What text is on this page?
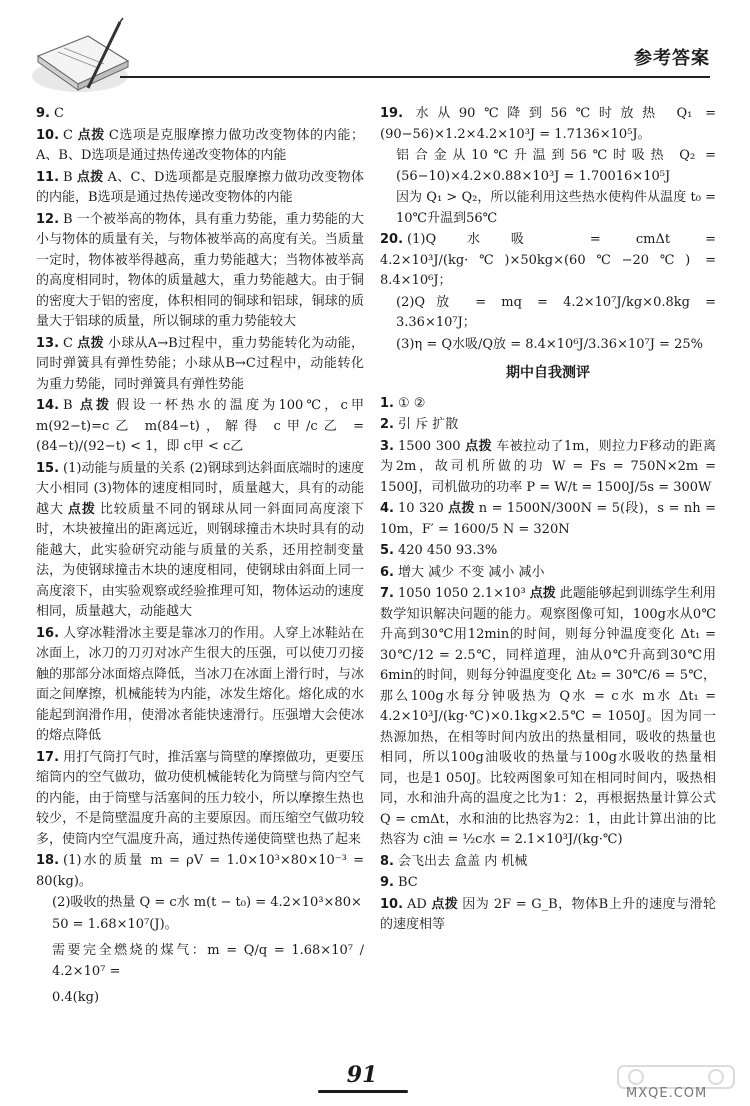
参考答案
9. C
10. C 点拨 C选项是克服摩擦力做功改变物体的内能；A、B、D选项是通过热传递改变物体的内能
11. B 点拨 A、C、D选项都是克服摩擦力做功改变物体的内能，B选项是通过热传递改变物体的内能
12. B 一个被举高的物体，具有重力势能，重力势能的大小与物体的质量有关，与物体被举高的高度有关。当质量一定时，物体被举得越高，重力势能越大；当物体被举高的高度相同时，物体的质量越大，重力势能越大。由于铜的密度大于铝的密度，体积相同的铜球和铝球，铜球的质量大于铝球的质量，所以铜球的重力势能较大
13. C 点拨 小球从A→B过程中，重力势能转化为动能，同时弹簧具有弹性势能；小球从B→C过程中，动能转化为重力势能，同时弹簧具有弹性势能
14. B 点拨 假设一杯热水的温度为100℃，c甲 m(92−t)=c乙 m(84−t)，解得 c甲/c乙 = (84−t)/(92−t) < 1，即 c甲 < c乙
15. (1)动能与质量的关系 (2)钢球到达斜面底端时的速度大小相同 (3)物体的速度相同时，质量越大，具有的动能越大 点拨 比较质量不同的钢球从同一斜面同高度滚下时，木块被撞出的距离远近，则钢球撞击木块时具有的动能越大，此实验研究动能与质量的关系，还用控制变量法，为使钢球撞击木块的速度相同，使钢球由斜面上同一高度滚下，由实验观察或经验推理可知，物体运动的速度相同，质量越大，动能越大
16. 人穿冰鞋滑冰主要是靠冰刀的作用。人穿上冰鞋站在冰面上，冰刀的刀刃对冰产生很大的压强，可以使刀刃接触的那部分冰面熔点降低，当冰刀在冰面上滑行时，与冰面之间摩擦，机械能转为内能，冰发生熔化。熔化成的水能起到润滑作用，使滑冰者能快速滑行。压强增大会使冰的熔点降低
17. 用打气筒打气时，推活塞与筒壁的摩擦做功，更要压缩筒内的空气做功，做功使机械能转化为筒壁与筒内空气的内能，由于筒壁与活塞间的压力较小，所以摩擦生热也较少，不是筒壁温度升高的主要原因。而压缩空气做功较多，使筒内空气温度升高，通过热传递使筒壁也热了起来
18. (1)水的质量 m = ρV = 1.0×10³×80×10⁻³ = 80(kg)。
(2)吸收的热量 Q = c水 m(t − t₀) = 4.2×10³×80×
50 = 1.68×10⁷(J)。
需要完全燃烧的煤气：m = Q/q = 1.68×10⁷ / 4.2×10⁷ =
0.4(kg)
19. 水从90℃降到56℃时放热 Q₁ = (90−56)×1.2×4.2×10³J = 1.7136×10⁵J。
铝合金从10℃升温到56℃时吸热 Q₂ = (56−10)×4.2×0.88×10³J = 1.70016×10⁵J
因为 Q₁ > Q₂，所以能利用这些热水使构件从温度 t₀ = 10℃升温到56℃
20. (1)Q水吸 = cmΔt = 4.2×10³J/(kg·℃)×50kg×(60℃−20℃) = 8.4×10⁶J；
(2)Q放 = mq = 4.2×10⁷J/kg×0.8kg = 3.36×10⁷J；
(3)η = Q水吸/Q放 = 8.4×10⁶J/3.36×10⁷J = 25%
期中自我测评
1. ① ②
2. 引 斥 扩散
3. 1500 300 点拨 车被拉动了1m，则拉力F移动的距离为2m，故司机所做的功 W = Fs = 750N×2m = 1500J，司机做功的功率 P = W/t = 1500J/5s = 300W
4. 10 320 点拨 n = 1500N/300N = 5(段)，s = nh = 10m，F′ = 1600/5 N = 320N
5. 420 450 93.3%
6. 增大 减少 不变 减小 减小
7. 1050 1050 2.1×10³ 点拨 此题能够起到训练学生利用数学知识解决问题的能力。观察图像可知，100g水从0℃升高到30℃用12min的时间，则每分钟温度变化 Δt₁ = 30℃/12 = 2.5℃，同样道理，油从0℃升高到30℃用6min的时间，则每分钟温度变化 Δt₂ = 30℃/6 = 5℃，那么100g水每分钟吸热为 Q水 = c水 m水 Δt₁ = 4.2×10³J/(kg·℃)×0.1kg×2.5℃ = 1050J。因为同一热源加热，在相等时间内放出的热量相同，吸收的热量也相同，所以100g油吸收的热量与100g水吸收的热量相同，也是1 050J。比较两图象可知在相同时间内，吸热相同，水和油升高的温度之比为1：2，再根据热量计算公式 Q = cmΔt，水和油的比热容为2：1，由此计算出油的比热容为 c油 = ½c水 = 2.1×10³J/(kg·℃)
8. 会飞出去 盒盖 内 机械
9. BC
10. AD 点拨 因为 2F = G_B，物体B上升的速度与滑轮的速度相等
91
MXQE.COM
